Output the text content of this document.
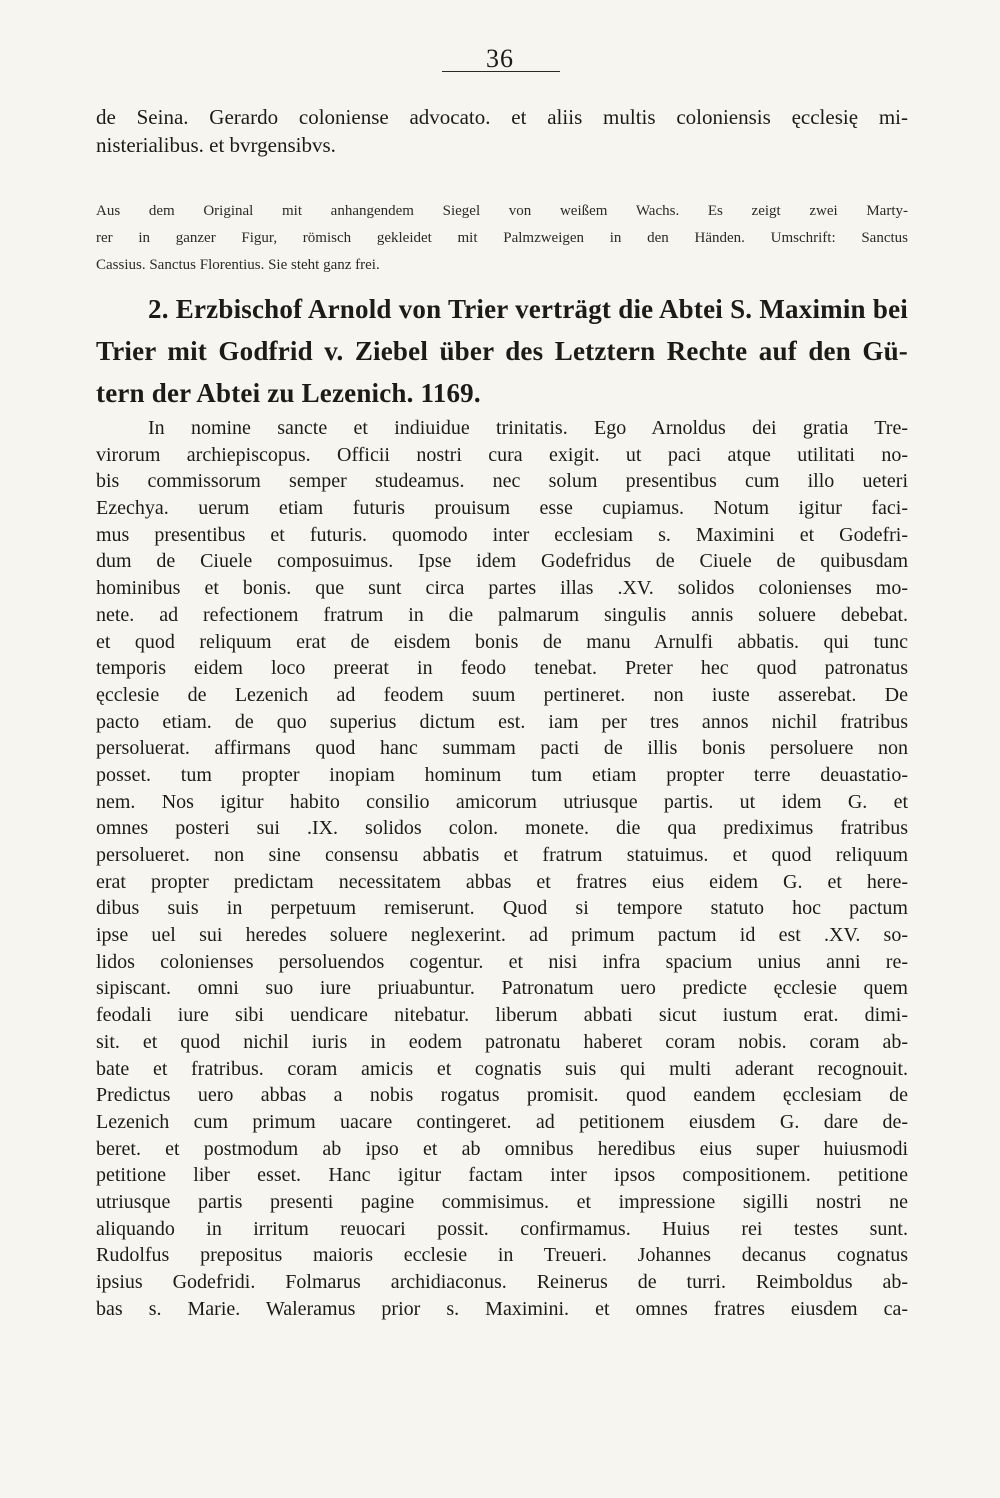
36
de Seina. Gerardo coloniense advocato. et aliis multis coloniensis ęcclesię mi-
nisterialibus. et bvrgensibvs.
Aus dem Original mit anhangendem Siegel von weißem Wachs. Es zeigt zwei Marty-
rer in ganzer Figur, römisch gekleidet mit Palmzweigen in den Händen. Umschrift: Sanctus
Cassius. Sanctus Florentius. Sie steht ganz frei.
2. Erzbischof Arnold von Trier verträgt die Abtei S. Maximin bei
Trier mit Godfrid v. Ziebel über des Letztern Rechte auf den Gü-
tern der Abtei zu Lezenich. 1169.
In nomine sancte et indiuidue trinitatis. Ego Arnoldus dei gratia Tre-
virorum archiepiscopus. Officii nostri cura exigit. ut paci atque utilitati no-
bis commissorum semper studeamus. nec solum presentibus cum illo ueteri
Ezechya. uerum etiam futuris prouisum esse cupiamus. Notum igitur faci-
mus presentibus et futuris. quomodo inter ecclesiam s. Maximini et Godefri-
dum de Ciuele composuimus. Ipse idem Godefridus de Ciuele de quibusdam
hominibus et bonis. que sunt circa partes illas .XV. solidos colonienses mo-
nete. ad refectionem fratrum in die palmarum singulis annis soluere debebat.
et quod reliquum erat de eisdem bonis de manu Arnulfi abbatis. qui tunc
temporis eidem loco preerat in feodo tenebat. Preter hec quod patronatus
ęcclesie de Lezenich ad feodem suum pertineret. non iuste asserebat. De
pacto etiam. de quo superius dictum est. iam per tres annos nichil fratribus
persoluerat. affirmans quod hanc summam pacti de illis bonis persoluere non
posset. tum propter inopiam hominum tum etiam propter terre deuastatio-
nem. Nos igitur habito consilio amicorum utriusque partis. ut idem G. et
omnes posteri sui .IX. solidos colon. monete. die qua prediximus fratribus
persolueret. non sine consensu abbatis et fratrum statuimus. et quod reliquum
erat propter predictam necessitatem abbas et fratres eius eidem G. et here-
dibus suis in perpetuum remiserunt. Quod si tempore statuto hoc pactum
ipse uel sui heredes soluere neglexerint. ad primum pactum id est .XV. so-
lidos colonienses persoluendos cogentur. et nisi infra spacium unius anni re-
sipiscant. omni suo iure priuabuntur. Patronatum uero predicte ęcclesie quem
feodali iure sibi uendicare nitebatur. liberum abbati sicut iustum erat. dimi-
sit. et quod nichil iuris in eodem patronatu haberet coram nobis. coram ab-
bate et fratribus. coram amicis et cognatis suis qui multi aderant recognouit.
Predictus uero abbas a nobis rogatus promisit. quod eandem ęcclesiam de
Lezenich cum primum uacare contingeret. ad petitionem eiusdem G. dare de-
beret. et postmodum ab ipso et ab omnibus heredibus eius super huiusmodi
petitione liber esset. Hanc igitur factam inter ipsos compositionem. petitione
utriusque partis presenti pagine commisimus. et impressione sigilli nostri ne
aliquando in irritum reuocari possit. confirmamus. Huius rei testes sunt.
Rudolfus prepositus maioris ecclesie in Treueri. Johannes decanus cognatus
ipsius Godefridi. Folmarus archidiaconus. Reinerus de turri. Reimboldus ab-
bas s. Marie. Waleramus prior s. Maximini. et omnes fratres eiusdem ca-
